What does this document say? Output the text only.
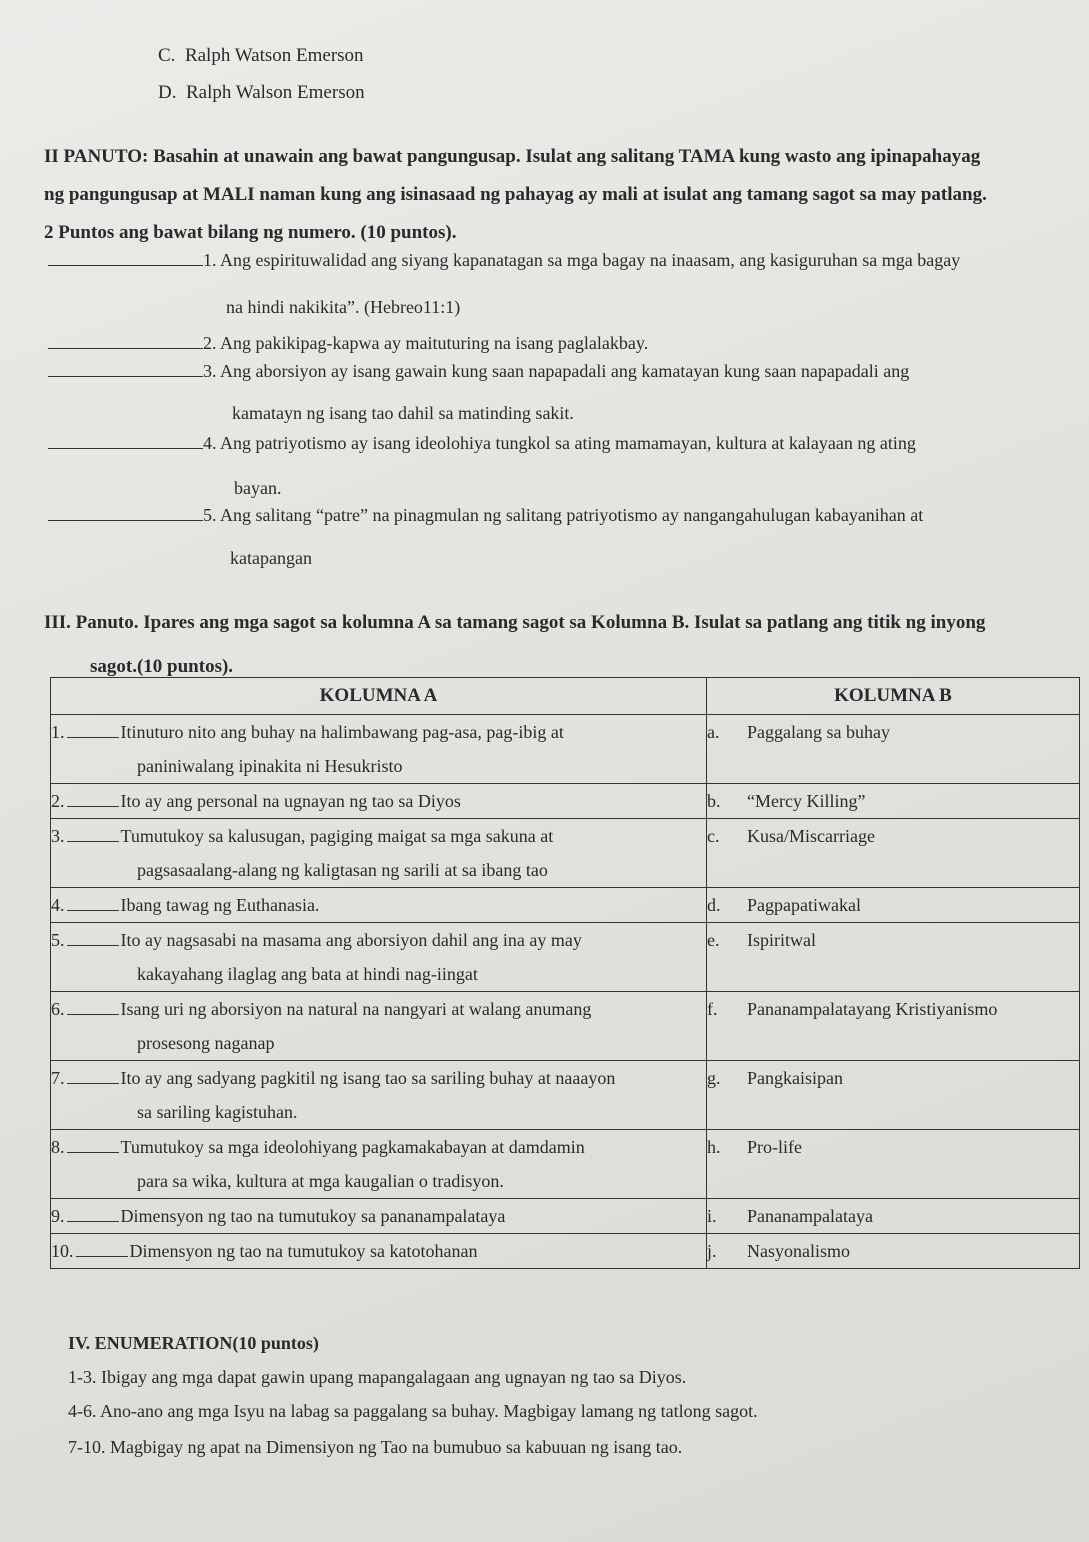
C. Ralph Watson Emerson
D. Ralph Walson Emerson
II PANUTO: Basahin at unawain ang bawat pangungusap. Isulat ang salitang TAMA kung wasto ang ipinapahayag
ng pangungusap at MALI naman kung ang isinasaad ng pahayag ay mali at isulat ang tamang sagot sa may patlang.
2 Puntos ang bawat bilang ng numero. (10 puntos).
1. Ang espirituwalidad ang siyang kapanatagan sa mga bagay na inaasam, ang kasiguruhan sa mga bagay
na hindi nakikita”. (Hebreo11:1)
2. Ang pakikipag-kapwa ay maituturing na isang paglalakbay.
3. Ang aborsiyon ay isang gawain kung saan napapadali ang kamatayan kung saan napapadali ang
kamatayn ng isang tao dahil sa matinding sakit.
4. Ang patriyotismo ay isang ideolohiya tungkol sa ating mamamayan, kultura at kalayaan ng ating
bayan.
5. Ang salitang “patre” na pinagmulan ng salitang patriyotismo ay nangangahulugan kabayanihan at
katapangan
III. Panuto. Ipares ang mga sagot sa kolumna A sa tamang sagot sa Kolumna B. Isulat sa patlang ang titik ng inyong
sagot.(10 puntos).
KOLUMNA A	KOLUMNA B
1. Itinuturo nito ang buhay na halimbawang pag-asa, pag-ibig at
paniniwalang ipinakita ni Hesukristo	a. Paggalang sa buhay
2. Ito ay ang personal na ugnayan ng tao sa Diyos	b. “Mercy Killing”
3. Tumutukoy sa kalusugan, pagiging maigat sa mga sakuna at
pagsasaalang-alang ng kaligtasan ng sarili at sa ibang tao	c. Kusa/Miscarriage
4. Ibang tawag ng Euthanasia.	d. Pagpapatiwakal
5. Ito ay nagsasabi na masama ang aborsiyon dahil ang ina ay may
kakayahang ilaglag ang bata at hindi nag-iingat	e. Ispiritwal
6. Isang uri ng aborsiyon na natural na nangyari at walang anumang
prosesong naganap	f. Pananampalatayang Kristiyanismo
7. Ito ay ang sadyang pagkitil ng isang tao sa sariling buhay at naaayon
sa sariling kagistuhan.	g. Pangkaisipan
8. Tumutukoy sa mga ideolohiyang pagkamakabayan at damdamin
para sa wika, kultura at mga kaugalian o tradisyon.	h. Pro-life
9. Dimensyon ng tao na tumutukoy sa pananampalataya	i. Pananampalataya
10. Dimensyon ng tao na tumutukoy sa katotohanan	j. Nasyonalismo
IV. ENUMERATION(10 puntos)
1-3. Ibigay ang mga dapat gawin upang mapangalagaan ang ugnayan ng tao sa Diyos.
4-6. Ano-ano ang mga Isyu na labag sa paggalang sa buhay. Magbigay lamang ng tatlong sagot.
7-10. Magbigay ng apat na Dimensiyon ng Tao na bumubuo sa kabuuan ng isang tao.
